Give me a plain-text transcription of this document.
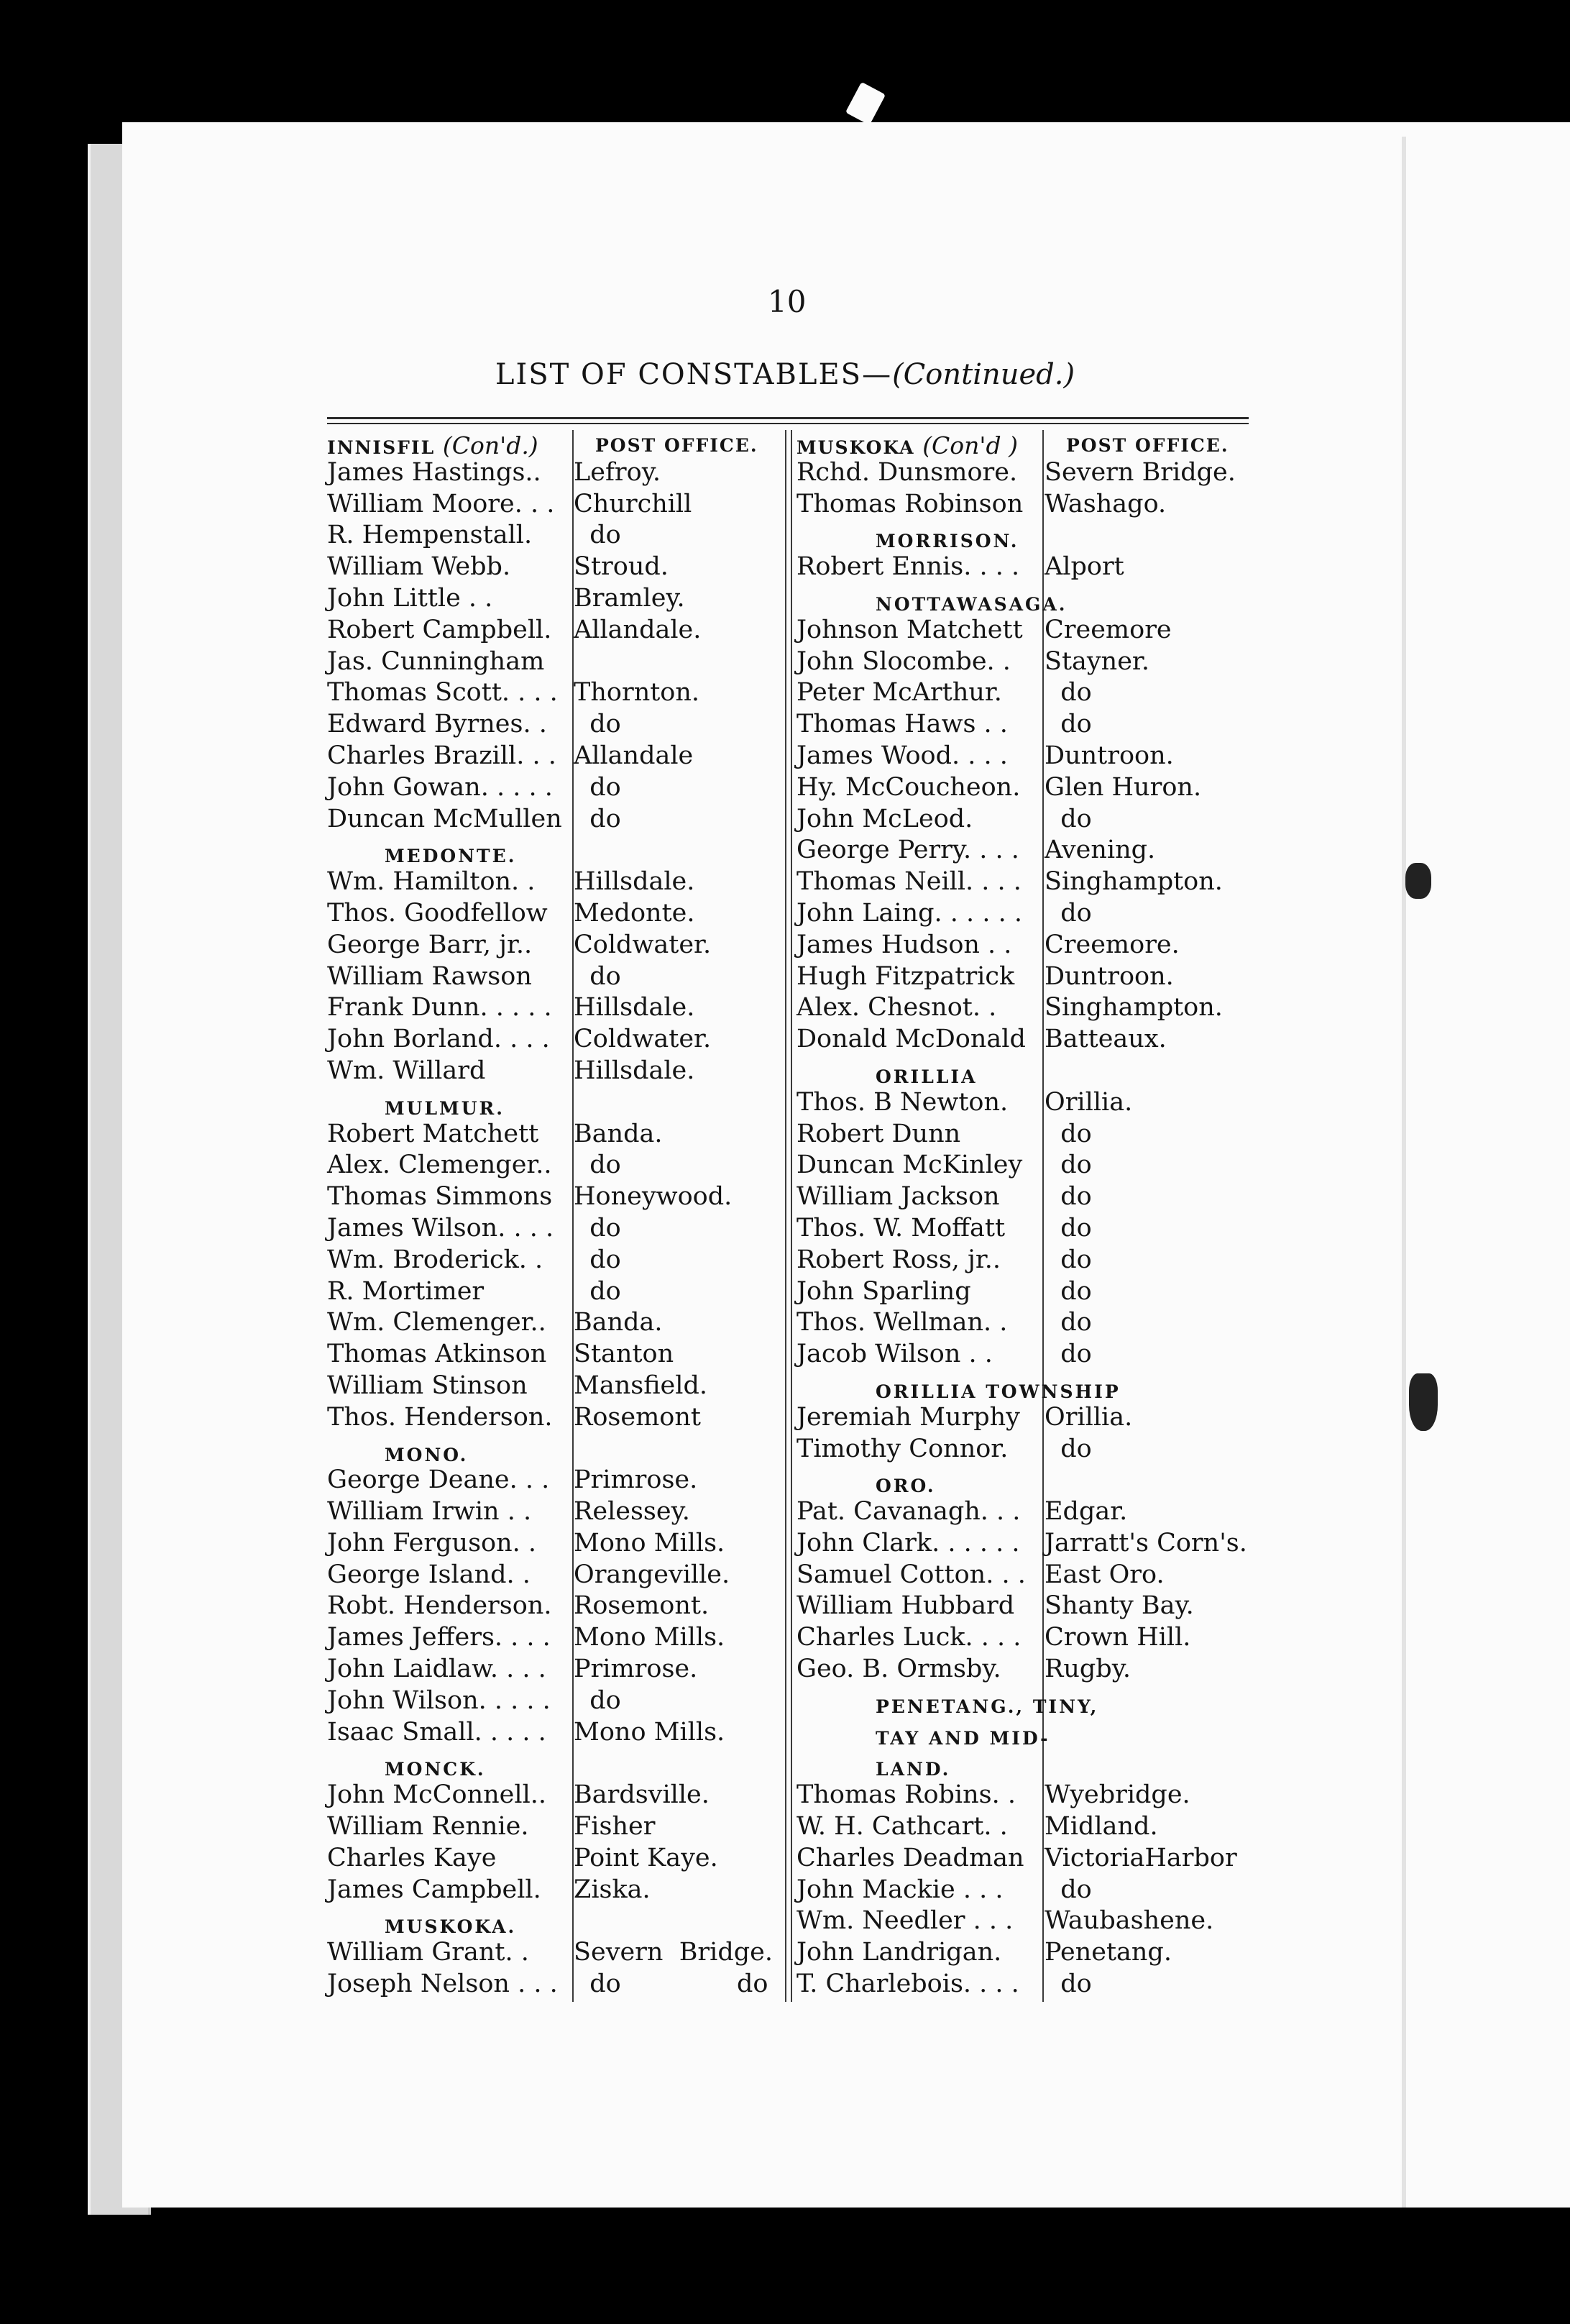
10
LIST OF CONSTABLES—(Continued.)
INNISFIL (Con'd.)	POST OFFICE.
James Hastings.. Lefroy.
William Moore. . . Churchill
R. Hempenstall. do
William Webb.	Stroud.
John Little . .	Bramley.
Robert Campbell. Allandale.
Jas. Cunningham
Thomas Scott. . . . Thornton.
Edward Byrnes. . do
Charles Brazill. . . Allandale
John Gowan. . . . . do
Duncan McMullen do
MEDONTE.
Wm. Hamilton. . Hillsdale.
Thos. Goodfellow Medonte.
George Barr, jr.. Coldwater.
William Rawson do
Frank Dunn. . . . . Hillsdale.
John Borland. . . . Coldwater.
Wm. Willard	Hillsdale.
MULMUR.
Robert Matchett Banda.
Alex. Clemenger.. do
Thomas Simmons Honeywood.
James Wilson. . . . do
Wm. Broderick. . do
R. Mortimer	do
Wm. Clemenger.. Banda.
Thomas Atkinson Stanton
William Stinson Mansfield.
Thos. Henderson. Rosemont
MONO.
George Deane. . . Primrose.
William Irwin . . Relessey.
John Ferguson. . Mono Mills.
George Island. . Orangeville.
Robt. Henderson. Rosemont.
James Jeffers. . . . Mono Mills.
John Laidlaw. . . . Primrose.
John Wilson. . . . . do
Isaac Small. . . . . Mono Mills.
MONCK.
John McConnell.. Bardsville.
William Rennie. Fisher
Charles Kaye	Point Kaye.
James Campbell. Ziska.
MUSKOKA.
William Grant. . Severn  Bridge.
Joseph Nelson . . . do	do
MUSKOKA (Con'd )	POST OFFICE.
Rchd. Dunsmore. Severn Bridge.
Thomas Robinson Washago.
MORRISON.
Robert Ennis. . . . Alport
NOTTAWASAGA.
Johnson Matchett Creemore
John Slocombe. . Stayner.
Peter McArthur. do
Thomas Haws . . do
James Wood. . . . Duntroon.
Hy. McCoucheon. Glen Huron.
John McLeod.	do
George Perry. . . . Avening.
Thomas Neill. . . . Singhampton.
John Laing. . . . . . do
James Hudson . . Creemore.
Hugh Fitzpatrick Duntroon.
Alex. Chesnot. . Singhampton.
Donald McDonald Batteaux.
ORILLIA
Thos. B Newton. Orillia.
Robert Dunn	do
Duncan McKinley do
William Jackson do
Thos. W. Moffatt do
Robert Ross, jr.. do
John Sparling	do
Thos. Wellman. . do
Jacob Wilson . . do
ORILLIA TOWNSHIP
Jeremiah Murphy Orillia.
Timothy Connor. do
ORO.
Pat. Cavanagh. . . Edgar.
John Clark. . . . . . Jarratt's Corn's.
Samuel Cotton. . . East Oro.
William Hubbard Shanty Bay.
Charles Luck. . . . Crown Hill.
Geo. B. Ormsby. Rugby.
PENETANG., TINY,
TAY AND MID-
LAND.
Thomas Robins. . Wyebridge.
W. H. Cathcart. . Midland.
Charles Deadman VictoriaHarbor
John Mackie . . . do
Wm. Needler . . . Waubashene.
John Landrigan. Penetang.
T. Charlebois. . . . do
